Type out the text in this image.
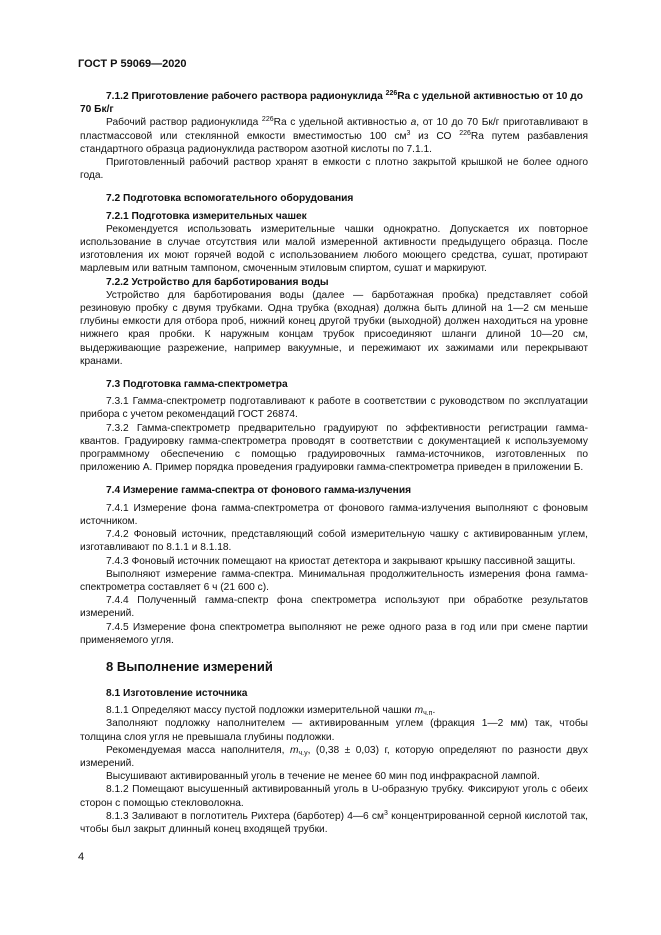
ГОСТ Р 59069—2020

7.1.2 Приготовление рабочего раствора радионуклида $^{226}$Ra с удельной активностью от 10 до 70 Бк/г

Рабочий раствор радионуклида $^{226}$Ra с удельной активностью a, от 10 до 70 Бк/г приготавливают в пластмассовой или стеклянной емкости вместимостью 100 $см^3$ из СО $^{226}$Ra путем разбавления стандартного образца радионуклида раствором азотной кислоты по 7.1.1.

Приготовленный рабочий раствор хранят в емкости с плотно закрытой крышкой не более одного года.

7.2 Подготовка вспомогательного оборудования

7.2.1 Подготовка измерительных чашек

Рекомендуется использовать измерительные чашки однократно. Допускается их повторное использование в случае отсутствия или малой измеренной активности предыдущего образца. После изготовления их моют горячей водой с использованием любого моющего средства, сушат, протирают марлевым или ватным тампоном, смоченным этиловым спиртом, сушат и маркируют.

7.2.2 Устройство для барботирования воды

Устройство для барботирования воды (далее — барботажная пробка) представляет собой резиновую пробку с двумя трубками. Одна трубка (входная) должна быть длиной на 1—2 см меньше глубины емкости для отбора проб, нижний конец другой трубки (выходной) должен находиться на уровне нижнего края пробки. К наружным концам трубок присоединяют шланги длиной 10—20 см, выдерживающие разрежение, например вакуумные, и пережимают их зажимами или перекрывают кранами.

7.3 Подготовка гамма-спектрометра

7.3.1 Гамма-спектрометр подготавливают к работе в соответствии с руководством по эксплуатации прибора с учетом рекомендаций ГОСТ 26874.

7.3.2 Гамма-спектрометр предварительно градуируют по эффективности регистрации гамма-квантов. Градуировку гамма-спектрометра проводят в соответствии с документацией к используемому программному обеспечению с помощью градуировочных гамма-источников, изготовленных по приложению А. Пример порядка проведения градуировки гамма-спектрометра приведен в приложении Б.

7.4 Измерение гамма-спектра от фонового гамма-излучения

7.4.1 Измерение фона гамма-спектрометра от фонового гамма-излучения выполняют с фоновым источником.

7.4.2 Фоновый источник, представляющий собой измерительную чашку с активированным углем, изготавливают по 8.1.1 и 8.1.18.

7.4.3 Фоновый источник помещают на криостат детектора и закрывают крышку пассивной защиты.

Выполняют измерение гамма-спектра. Минимальная продолжительность измерения фона гамма-спектрометра составляет 6 ч (21 600 с).

7.4.4 Полученный гамма-спектр фона спектрометра используют при обработке результатов измерений.

7.4.5 Измерение фона спектрометра выполняют не реже одного раза в год или при смене партии применяемого угля.

8 Выполнение измерений

8.1 Изготовление источника

8.1.1 Определяют массу пустой подложки измерительной чашки $m_{ч.п}$.

Заполняют подложку наполнителем — активированным углем (фракция 1—2 мм) так, чтобы толщина слоя угля не превышала глубины подложки.

Рекомендуемая масса наполнителя, $m_{ч.у}$, (0,38 ± 0,03) г, которую определяют по разности двух измерений.

Высушивают активированный уголь в течение не менее 60 мин под инфракрасной лампой.

8.1.2 Помещают высушенный активированный уголь в U-образную трубку. Фиксируют уголь с обеих сторон с помощью стекловолокна.

8.1.3 Заливают в поглотитель Рихтера (барботер) 4—6 $см^3$ концентрированной серной кислотой так, чтобы был закрыт длинный конец входящей трубки.

4
